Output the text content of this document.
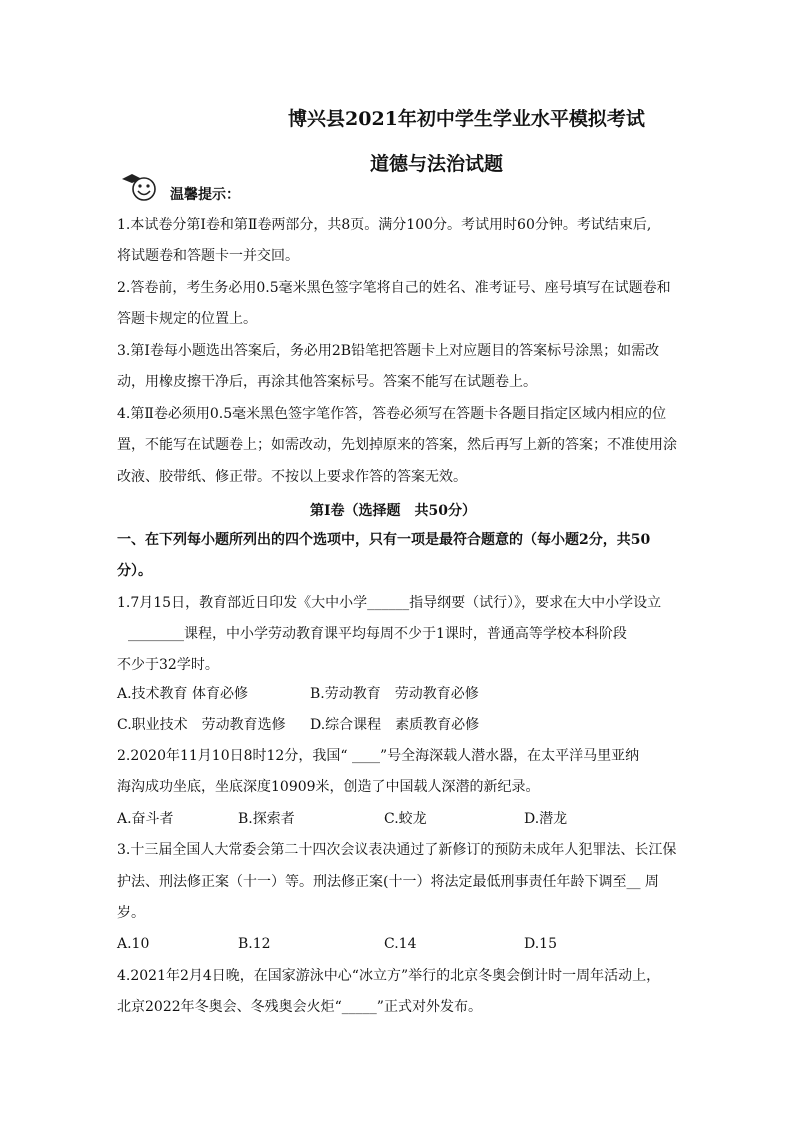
博兴县2021年初中学生学业水平模拟考试
道德与法治试题
温馨提示：
1.本试卷分第Ⅰ卷和第Ⅱ卷两部分，共8页。满分100分。考试用时60分钟。考试结束后,
将试题卷和答题卡一并交回。
2.答卷前，考生务必用0.5毫米黑色签字笔将自己的姓名、准考证号、座号填写在试题卷和
答题卡规定的位置上。
3.第Ⅰ卷每小题选出答案后，务必用2B铅笔把答题卡上对应题目的答案标号涂黑；如需改
动，用橡皮擦干净后，再涂其他答案标号。答案不能写在试题卷上。
4.第Ⅱ卷必须用0.5毫米黑色签字笔作答，答卷必须写在答题卡各题目指定区域内相应的位
置，不能写在试题卷上；如需改动，先划掉原来的答案，然后再写上新的答案；不准使用涂
改液、胶带纸、修正带。不按以上要求作答的答案无效。
第Ⅰ卷（选择题　共50分）
一、在下列每小题所列出的四个选项中，只有一项是最符合题意的（每小题2分，共50
分）。
1.7月15日，教育部近日印发《大中小学______指导纲要（试行）》，要求在大中小学设立
________课程，中小学劳动教育课平均每周不少于1课时，普通高等学校本科阶段
不少于32学时。
A.技术教育 体育必修	B.劳动教育　劳动教育必修
C.职业技术　劳动教育选修 D.综合课程　素质教育必修
2.2020年11月10日8时12分，我国“ ____”号全海深载人潜水器，在太平洋马里亚纳
海沟成功坐底，坐底深度10909米，创造了中国载人深潜的新纪录。
A.奋斗者	B.探索者	C.蛟龙	D.潜龙
3.十三届全国人大常委会第二十四次会议表决通过了新修订的预防未成年人犯罪法、长江保
护法、刑法修正案（十一）等。刑法修正案(十一）将法定最低刑事责任年龄下调至__ 周
岁。
A.10	B.12	C.14	D.15
4.2021年2月4日晚，在国家游泳中心“冰立方”举行的北京冬奥会倒计时一周年活动上，
北京2022年冬奥会、冬残奥会火炬“_____”正式对外发布。
